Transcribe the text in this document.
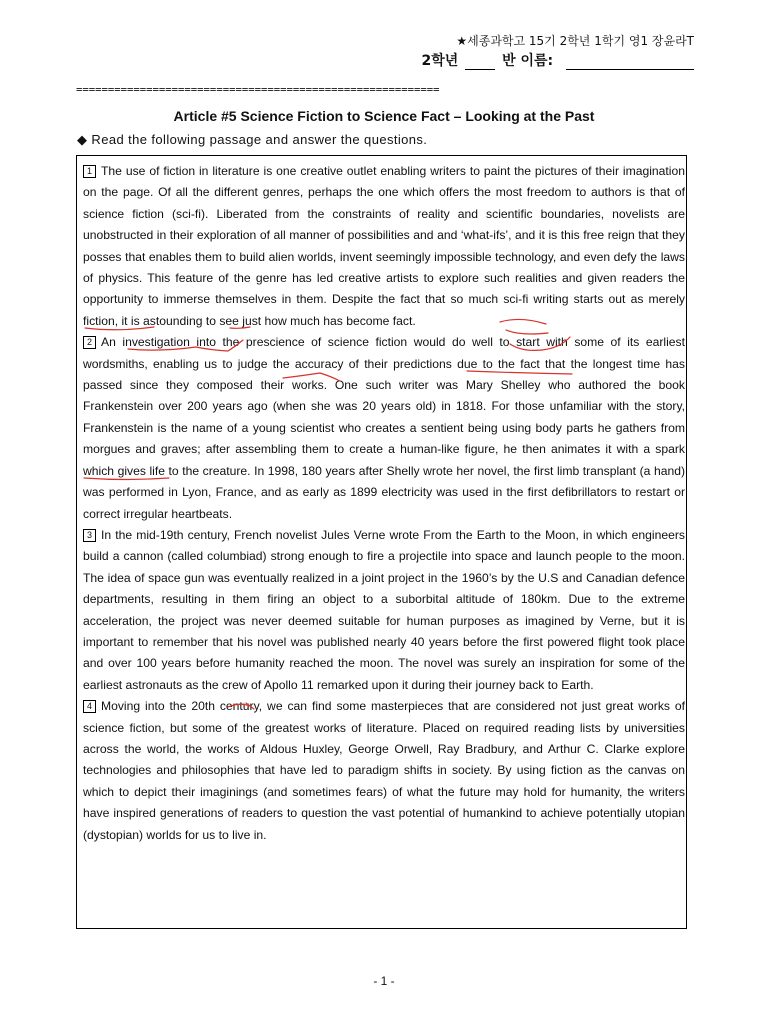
★세종과학고 15기 2학년 1학기 영1 장윤라T
2학년	반 이름:
=========================================================
Article #5 Science Fiction to Science Fact – Looking at the Past
◆ Read the following passage and answer the questions.

1 The use of fiction in literature is one creative outlet enabling writers to paint the pictures of their imagination on the page. Of all the different genres, perhaps the one which offers the most freedom to authors is that of science fiction (sci-fi). Liberated from the constraints of reality and scientific boundaries, novelists are unobstructed in their exploration of all manner of possibilities and and ‘what-ifs’, and it is this free reign that they posses that enables them to build alien worlds, invent seemingly impossible technology, and even defy the laws of physics. This feature of the genre has led creative artists to explore such realities and given readers the opportunity to immerse themselves in them. Despite the fact that so much sci-fi writing starts out as merely fiction, it is astounding to see just how much has become fact.

2 An investigation into the prescience of science fiction would do well to start with some of its earliest wordsmiths, enabling us to judge the accuracy of their predictions due to the fact that the longest time has passed since they composed their works. One such writer was Mary Shelley who authored the book Frankenstein over 200 years ago (when she was 20 years old) in 1818. For those unfamiliar with the story, Frankenstein is the name of a young scientist who creates a sentient being using body parts he gathers from morgues and graves; after assembling them to create a human-like figure, he then animates it with a spark which gives life to the creature. In 1998, 180 years after Shelly wrote her novel, the first limb transplant (a hand) was performed in Lyon, France, and as early as 1899 electricity was used in the first defibrillators to restart or correct irregular heartbeats.

3 In the mid-19th century, French novelist Jules Verne wrote From the Earth to the Moon, in which engineers build a cannon (called columbiad) strong enough to fire a projectile into space and launch people to the moon. The idea of space gun was eventually realized in a joint project in the 1960’s by the U.S and Canadian defence departments, resulting in them firing an object to a suborbital altitude of 180km. Due to the extreme acceleration, the project was never deemed suitable for human purposes as imagined by Verne, but it is important to remember that his novel was published nearly 40 years before the first powered flight took place and over 100 years before humanity reached the moon. The novel was surely an inspiration for some of the earliest astronauts as the crew of Apollo 11 remarked upon it during their journey back to Earth.

4 Moving into the 20th century, we can find some masterpieces that are considered not just great works of science fiction, but some of the greatest works of literature. Placed on required reading lists by universities across the world, the works of Aldous Huxley, George Orwell, Ray Bradbury, and Arthur C. Clarke explore technologies and philosophies that have led to paradigm shifts in society. By using fiction as the canvas on which to depict their imaginings (and sometimes fears) of what the future may hold for humanity, the writers have inspired generations of readers to question the vast potential of humankind to achieve potentially utopian (dystopian) worlds for us to live in.

- 1 -
